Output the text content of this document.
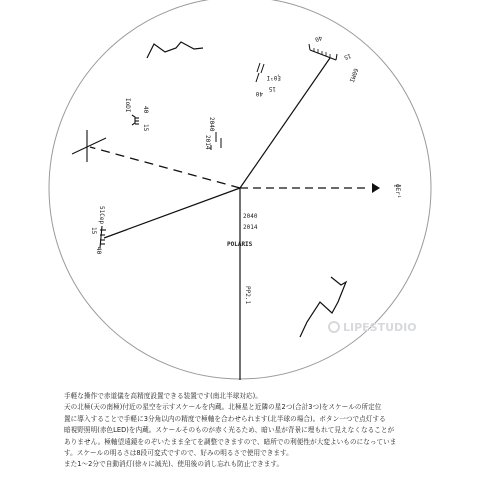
40
15
60MI
40
15
ξ0¹Ι
2040
2014
ΙοDΙ 40
15
51Cep
15
40
ɸEr¹
2040
2014
POLARIS
PP2.1
LIPESTUDIO
手軽な操作で赤道儀を高精度設置できる装置です(南北半球対応)。
天の北極(天の南極)付近の星空を示すスケールを内蔵。北極星と近隣の星2つ(合計3つ)をスケールの所定位
置に導入することで手軽に3分角以内の精度で極軸を合わせられます(北半球の場合)。ボタン一つで点灯する
暗視野照明(赤色LED)を内蔵。スケールそのものが赤く光るため、暗い星が背景に埋もれて見えなくなることが
ありません。極軸望遠鏡をのぞいたまま全てを調整できますので、暗所での利便性が大変よいものになっていま
す。スケールの明るさは8段可変式ですので、好みの明るさで使用できます。
また1〜2分で自動消灯(徐々に減光)、使用後の消し忘れも防止できます。
